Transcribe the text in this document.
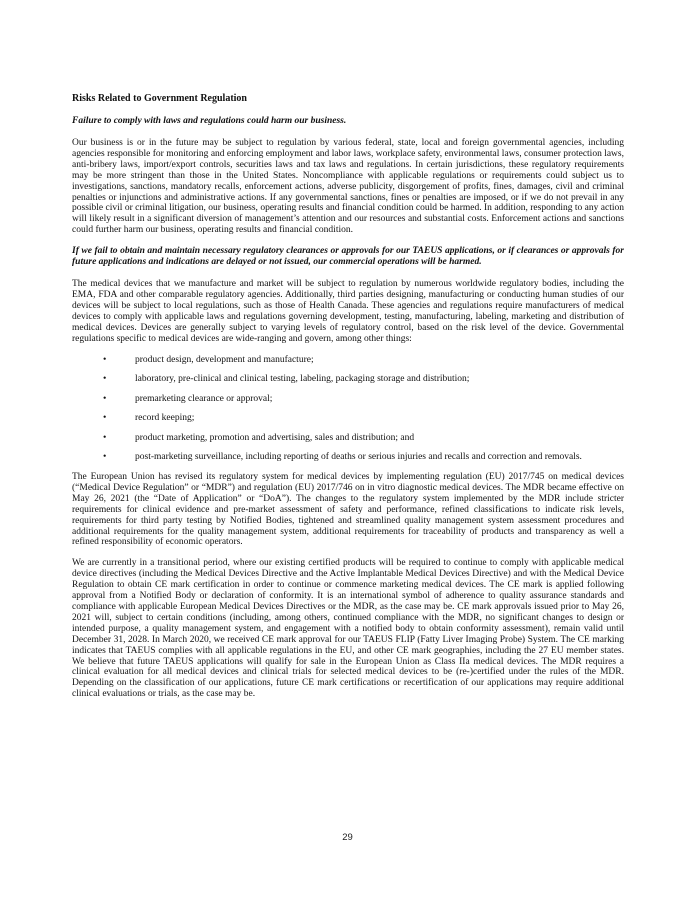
Risks Related to Government Regulation
Failure to comply with laws and regulations could harm our business.

Our business is or in the future may be subject to regulation by various federal, state, local and foreign governmental agencies, including agencies responsible for monitoring and enforcing employment and labor laws, workplace safety, environmental laws, consumer protection laws, anti-bribery laws, import/export controls, securities laws and tax laws and regulations. In certain jurisdictions, these regulatory requirements may be more stringent than those in the United States. Noncompliance with applicable regulations or requirements could subject us to investigations, sanctions, mandatory recalls, enforcement actions, adverse publicity, disgorgement of profits, fines, damages, civil and criminal penalties or injunctions and administrative actions. If any governmental sanctions, fines or penalties are imposed, or if we do not prevail in any possible civil or criminal litigation, our business, operating results and financial condition could be harmed. In addition, responding to any action will likely result in a significant diversion of management’s attention and our resources and substantial costs. Enforcement actions and sanctions could further harm our business, operating results and financial condition.

If we fail to obtain and maintain necessary regulatory clearances or approvals for our TAEUS applications, or if clearances or approvals for future applications and indications are delayed or not issued, our commercial operations will be harmed.

The medical devices that we manufacture and market will be subject to regulation by numerous worldwide regulatory bodies, including the EMA, FDA and other comparable regulatory agencies. Additionally, third parties designing, manufacturing or conducting human studies of our devices will be subject to local regulations, such as those of Health Canada. These agencies and regulations require manufacturers of medical devices to comply with applicable laws and regulations governing development, testing, manufacturing, labeling, marketing and distribution of medical devices. Devices are generally subject to varying levels of regulatory control, based on the risk level of the device. Governmental regulations specific to medical devices are wide-ranging and govern, among other things:

•	product design, development and manufacture;
•	laboratory, pre-clinical and clinical testing, labeling, packaging storage and distribution;
•	premarketing clearance or approval;
•	record keeping;
•	product marketing, promotion and advertising, sales and distribution; and
•	post-marketing surveillance, including reporting of deaths or serious injuries and recalls and correction and removals.

The European Union has revised its regulatory system for medical devices by implementing regulation (EU) 2017/745 on medical devices (“Medical Device Regulation” or “MDR”) and regulation (EU) 2017/746 on in vitro diagnostic medical devices. The MDR became effective on May 26, 2021 (the “Date of Application” or “DoA”). The changes to the regulatory system implemented by the MDR include stricter requirements for clinical evidence and pre-market assessment of safety and performance, refined classifications to indicate risk levels, requirements for third party testing by Notified Bodies, tightened and streamlined quality management system assessment procedures and additional requirements for the quality management system, additional requirements for traceability of products and transparency as well a refined responsibility of economic operators.

We are currently in a transitional period, where our existing certified products will be required to continue to comply with applicable medical device directives (including the Medical Devices Directive and the Active Implantable Medical Devices Directive) and with the Medical Device Regulation to obtain CE mark certification in order to continue or commence marketing medical devices. The CE mark is applied following approval from a Notified Body or declaration of conformity. It is an international symbol of adherence to quality assurance standards and compliance with applicable European Medical Devices Directives or the MDR, as the case may be. CE mark approvals issued prior to May 26, 2021 will, subject to certain conditions (including, among others, continued compliance with the MDR, no significant changes to design or intended purpose, a quality management system, and engagement with a notified body to obtain conformity assessment), remain valid until December 31, 2028. In March 2020, we received CE mark approval for our TAEUS FLIP (Fatty Liver Imaging Probe) System. The CE marking indicates that TAEUS complies with all applicable regulations in the EU, and other CE mark geographies, including the 27 EU member states. We believe that future TAEUS applications will qualify for sale in the European Union as Class IIa medical devices. The MDR requires a clinical evaluation for all medical devices and clinical trials for selected medical devices to be (re-)certified under the rules of the MDR. Depending on the classification of our applications, future CE mark certifications or recertification of our applications may require additional clinical evaluations or trials, as the case may be.

29
